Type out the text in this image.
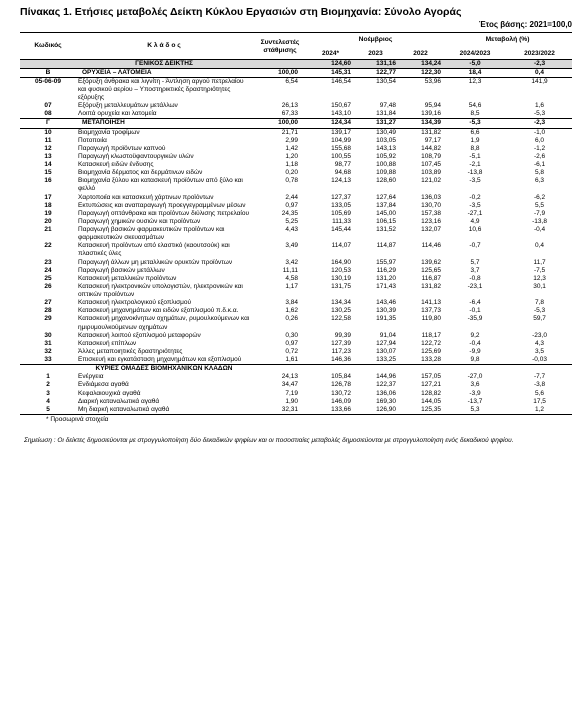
Πίνακας 1. Ετήσιες μεταβολές Δείκτη Κύκλου Εργασιών στη Βιομηχανία: Σύνολο Αγοράς
Έτος βάσης: 2021=100,0
Κωδικός	Κ λ ά δ ο ς	Συντελεστές στάθμισης	Νοέμβριος			Μεταβολή (%)	
			2024*	2023	2022	2024/2023	2023/2022
	ΓΕΝΙΚΟΣ ΔΕΙΚΤΗΣ		124,60	131,16	134,24	-5,0	-2,3
Β	ΟΡΥΧΕΙΑ – ΛΑΤΟΜΕΙΑ	100,00	145,31	122,77	122,30	18,4	0,4
05-06-09	Εξόρυξη άνθρακα και λιγνίτη - Άντληση αργού πετρελαίου και φυσικού αερίου – Υποστηρικτικές δραστηριότητες εξόρυξης	6,54	146,54	130,54	53,96	12,3	141,9
07	Εξόρυξη μεταλλευμάτων μετάλλων	26,13	150,67	97,48	95,94	54,6	1,6
08	Λοιπά ορυχεία και λατομεία	67,33	143,10	131,84	139,16	8,5	-5,3
Γ	ΜΕΤΑΠΟΙΗΣΗ	100,00	124,34	131,27	134,39	-5,3	-2,3
10	Βιομηχανία τροφίμων	21,71	139,17	130,49	131,82	6,6	-1,0
11	Ποτοποιία	2,99	104,99	103,05	97,17	1,9	6,0
12	Παραγωγή προϊόντων καπνού	1,42	155,68	143,13	144,82	8,8	-1,2
13	Παραγωγή κλωστοϋφαντουργικών υλών	1,20	100,55	105,92	108,79	-5,1	-2,6
14	Κατασκευή ειδών ένδυσης	1,18	98,77	100,88	107,45	-2,1	-6,1
15	Βιομηχανία δέρματος και δερμάτινων ειδών	0,20	94,68	109,88	103,89	-13,8	5,8
16	Βιομηχανία ξύλου και κατασκευή προϊόντων από ξύλο και φελλό	0,78	124,13	128,60	121,02	-3,5	6,3
17	Χαρτοποιία και κατασκευή χάρτινων προϊόντων	2,44	127,37	127,64	136,03	-0,2	-6,2
18	Εκτυπώσεις και αναπαραγωγή προεγγεγραμμένων μέσων	0,97	133,05	137,84	130,70	-3,5	5,5
19	Παραγωγή οπτάνθρακα και προϊόντων διύλισης πετρελαίου	24,35	105,69	145,00	157,38	-27,1	-7,9
20	Παραγωγή χημικών ουσιών και προϊόντων	5,25	111,33	106,15	123,16	4,9	-13,8
21	Παραγωγή βασικών φαρμακευτικών προϊόντων και φαρμακευτικών σκευασμάτων	4,43	145,44	131,52	132,07	10,6	-0,4
22	Κατασκευή προϊόντων από ελαστικό (καουτσούκ) και πλαστικές ύλες	3,49	114,07	114,87	114,46	-0,7	0,4
23	Παραγωγή άλλων μη μεταλλικών ορυκτών προϊόντων	3,42	164,90	155,97	139,62	5,7	11,7
24	Παραγωγή βασικών μετάλλων	11,11	120,53	116,29	125,65	3,7	-7,5
25	Κατασκευή μεταλλικών προϊόντων	4,58	130,19	131,20	116,87	-0,8	12,3
26	Κατασκευή ηλεκτρονικών υπολογιστών, ηλεκτρονικών και οπτικών προϊόντων	1,17	131,75	171,43	131,82	-23,1	30,1
27	Κατασκευή ηλεκτρολογικού εξοπλισμού	3,84	134,34	143,46	141,13	-6,4	7,8
28	Κατασκευή μηχανημάτων και ειδών εξοπλισμού π.δ.κ.α.	1,62	130,25	130,39	137,73	-0,1	-5,3
29	Κατασκευή μηχανοκίνητων οχημάτων, ρυμουλκούμενων και ημιρυμουλκούμενων οχημάτων	0,26	122,58	191,35	119,80	-35,9	59,7
30	Κατασκευή λοιπού εξοπλισμού μεταφορών	0,30	99,39	91,04	118,17	9,2	-23,0
31	Κατασκευή επίπλων	0,97	127,39	127,94	122,72	-0,4	4,3
32	Άλλες μεταποιητικές δραστηριότητες	0,72	117,23	130,07	125,69	-9,9	3,5
33	Επισκευή και εγκατάσταση μηχανημάτων και εξοπλισμού	1,61	146,36	133,25	133,28	9,8	-0,03
	ΚΥΡΙΕΣ ΟΜΑΔΕΣ ΒΙΟΜΗΧΑΝΙΚΩΝ ΚΛΑΔΩΝ						
1	Ενέργεια	24,13	105,84	144,96	157,05	-27,0	-7,7
2	Ενδιάμεσα αγαθά	34,47	126,78	122,37	127,21	3,6	-3,8
3	Κεφαλαιουχικά αγαθά	7,19	130,72	136,06	128,82	-3,9	5,6
4	Διαρκή καταναλωτικά αγαθά	1,90	146,09	169,30	144,05	-13,7	17,5
5	Μη διαρκή καταναλωτικά αγαθά	32,31	133,66	126,90	125,35	5,3	1,2
* Προσωρινά στοιχεία
Σημείωση : Οι δείκτες δημοσιεύονται με στρογγυλοποίηση δύο δεκαδικών ψηφίων και οι ποσοστιαίες μεταβολές δημοσιεύονται με στρογγυλοποίηση ενός δεκαδικού ψηφίου.
